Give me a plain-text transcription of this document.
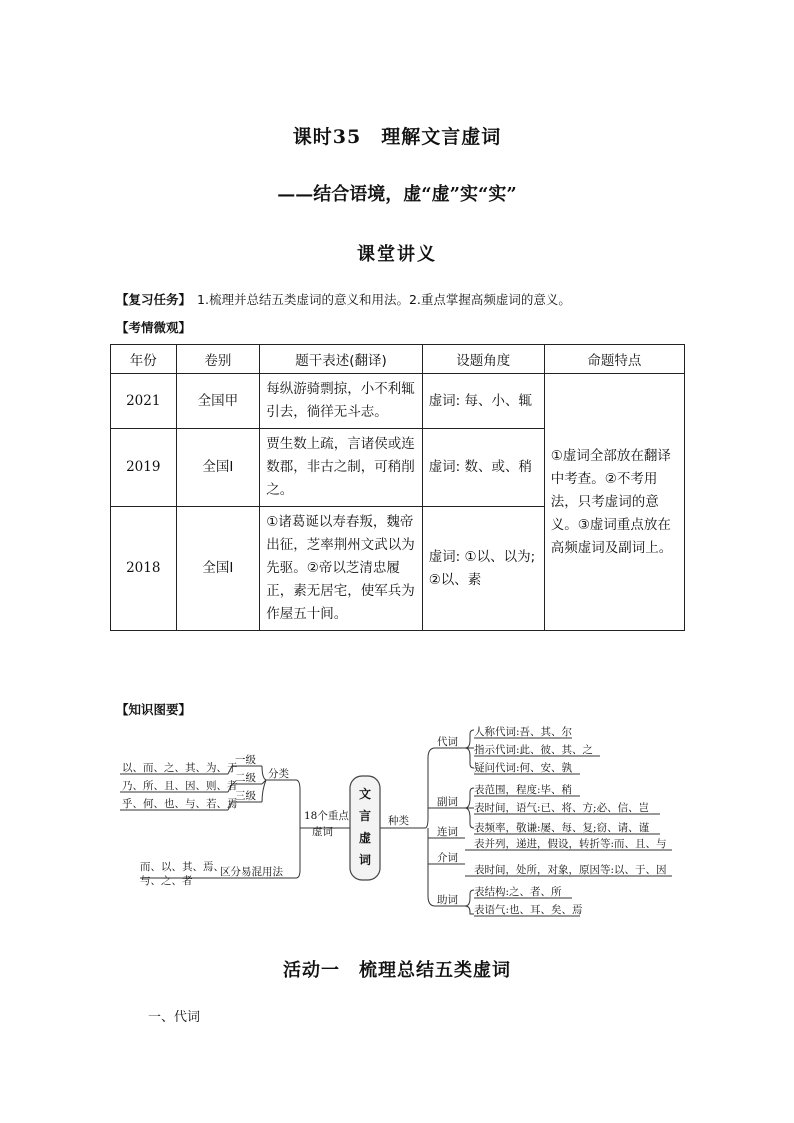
课时35　理解文言虚词
——结合语境，虚“虚”实“实”
课堂讲义
【复习任务】 1.梳理并总结五类虚词的意义和用法。2.重点掌握高频虚词的意义。
【考情微观】
年份	卷别	题干表述(翻译)	设题角度	命题特点
2021	全国甲	每纵游骑剽掠，小不利辄引去，徜徉无斗志。	虚词: 每、小、辄	①虚词全部放在翻译中考查。②不考用法，只考虚词的意义。③虚词重点放在高频虚词及副词上。
2019	全国Ⅰ	贾生数上疏，言诸侯或连数郡，非古之制，可稍削之。	虚词: 数、或、稍	
2018	全国Ⅰ	①诸葛诞以寿春叛，魏帝出征，芝率荆州文武以为先驱。②帝以芝清忠履正，素无居宅，使军兵为作屋五十间。	虚词: ①以、以为; ②以、素	
【知识图要】
文
言
虚
词
以、而、之、其、为、于
乃、所、且、因、则、者
乎、何、也、与、若、焉
一级
二级
三级
分类
18个重点
虚词
而、以、其、焉、
与、之、者
区分易混用法
种类
代词
副词
连词
介词
助词
人称代词:吾、其、尔
指示代词:此、彼、其、之
疑问代词:何、安、孰
表范围，程度:毕、稍
表时间，语气:已、将、方;必、信、岂
表频率，敬谦:屡、每、复;窃、请、谨
表并列，递进，假设，转折等:而、且、与
表时间，处所，对象，原因等:以、于、因
表结构:之、者、所
表语气:也、耳、矣、焉
活动一　梳理总结五类虚词
一、代词
